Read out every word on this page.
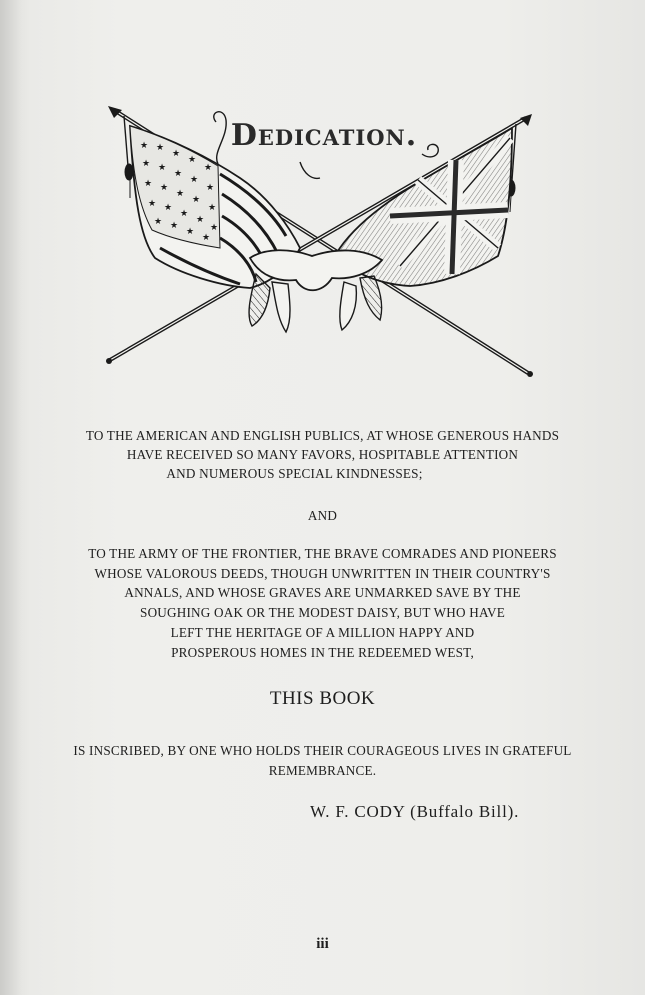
★ ★
★
★
★
★ ★
★
★
★
★ ★
★
★
★
★ ★
★
★
★
★ ★
★
★
Dedication.
TO THE AMERICAN AND ENGLISH PUBLICS, AT WHOSE GENEROUS HANDS
HAVE RECEIVED SO MANY FAVORS, HOSPITABLE ATTENTION
AND NUMEROUS SPECIAL KINDNESSES;
AND
TO THE ARMY OF THE FRONTIER, THE BRAVE COMRADES AND PIONEERS
WHOSE VALOROUS DEEDS, THOUGH UNWRITTEN IN THEIR COUNTRY'S
ANNALS, AND WHOSE GRAVES ARE UNMARKED SAVE BY THE
SOUGHING OAK OR THE MODEST DAISY, BUT WHO HAVE
LEFT THE HERITAGE OF A MILLION HAPPY AND
PROSPEROUS HOMES IN THE REDEEMED WEST,
THIS BOOK
IS INSCRIBED, BY ONE WHO HOLDS THEIR COURAGEOUS LIVES IN GRATEFUL
REMEMBRANCE.
W. F. CODY (Buffalo Bill).
iii
